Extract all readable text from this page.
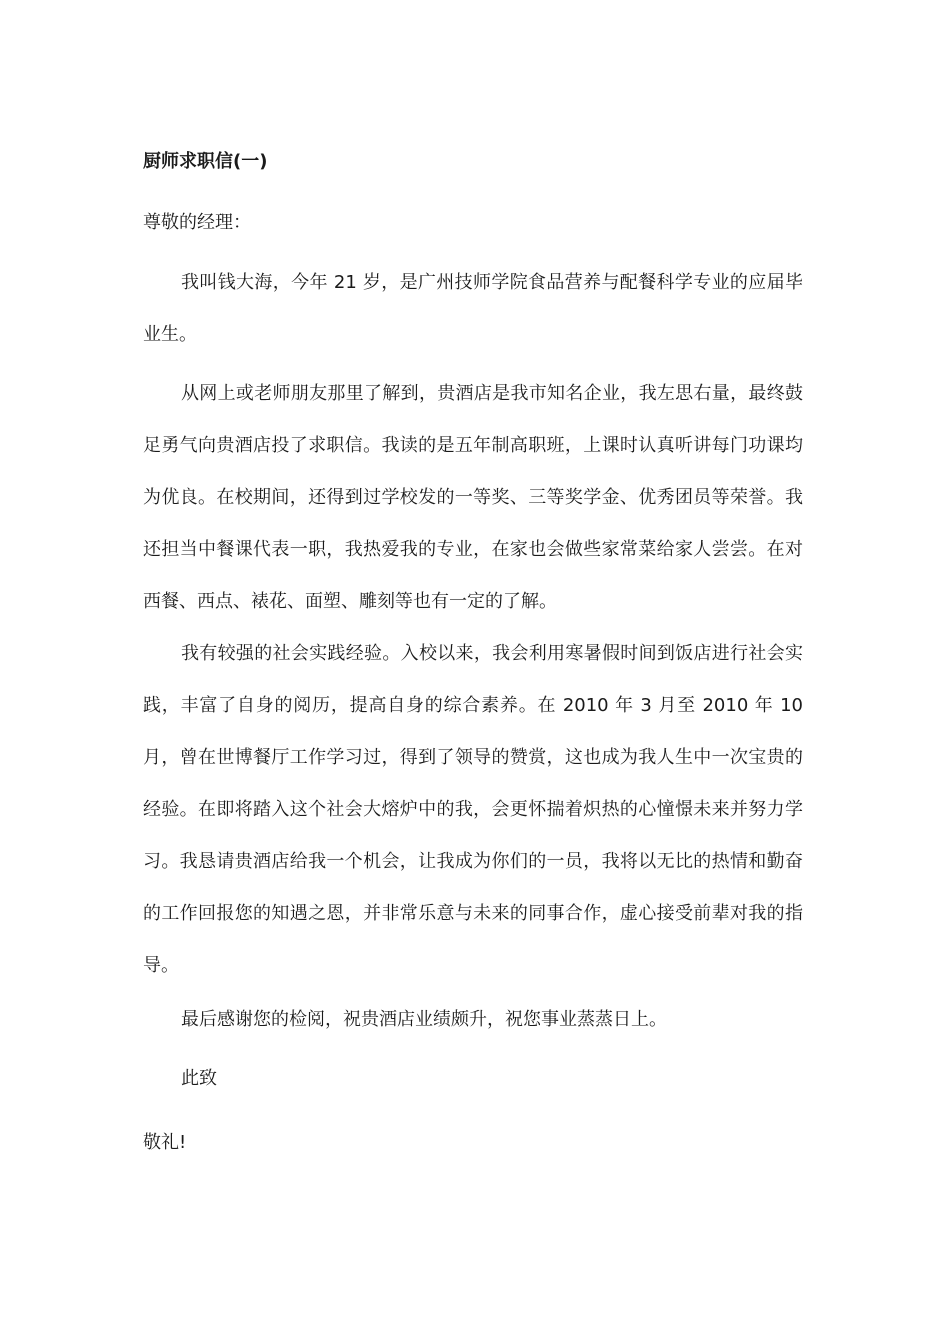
厨师求职信(一)
尊敬的经理：

我叫钱大海，今年 21 岁，是广州技师学院食品营养与配餐科学专业的应届毕业生。

从网上或老师朋友那里了解到，贵酒店是我市知名企业，我左思右量，最终鼓足勇气向贵酒店投了求职信。我读的是五年制高职班，上课时认真听讲每门功课均为优良。在校期间，还得到过学校发的一等奖、三等奖学金、优秀团员等荣誉。我还担当中餐课代表一职，我热爱我的专业，在家也会做些家常菜给家人尝尝。在对西餐、西点、裱花、面塑、雕刻等也有一定的了解。

我有较强的社会实践经验。入校以来，我会利用寒暑假时间到饭店进行社会实践，丰富了自身的阅历，提高自身的综合素养。在 2010 年 3 月至 2010 年 10 月，曾在世博餐厅工作学习过，得到了领导的赞赏，这也成为我人生中一次宝贵的经验。在即将踏入这个社会大熔炉中的我，会更怀揣着炽热的心憧憬未来并努力学习。我恳请贵酒店给我一个机会，让我成为你们的一员，我将以无比的热情和勤奋的工作回报您的知遇之恩，并非常乐意与未来的同事合作，虚心接受前辈对我的指导。

最后感谢您的检阅，祝贵酒店业绩颇升，祝您事业蒸蒸日上。

此致
敬礼!
